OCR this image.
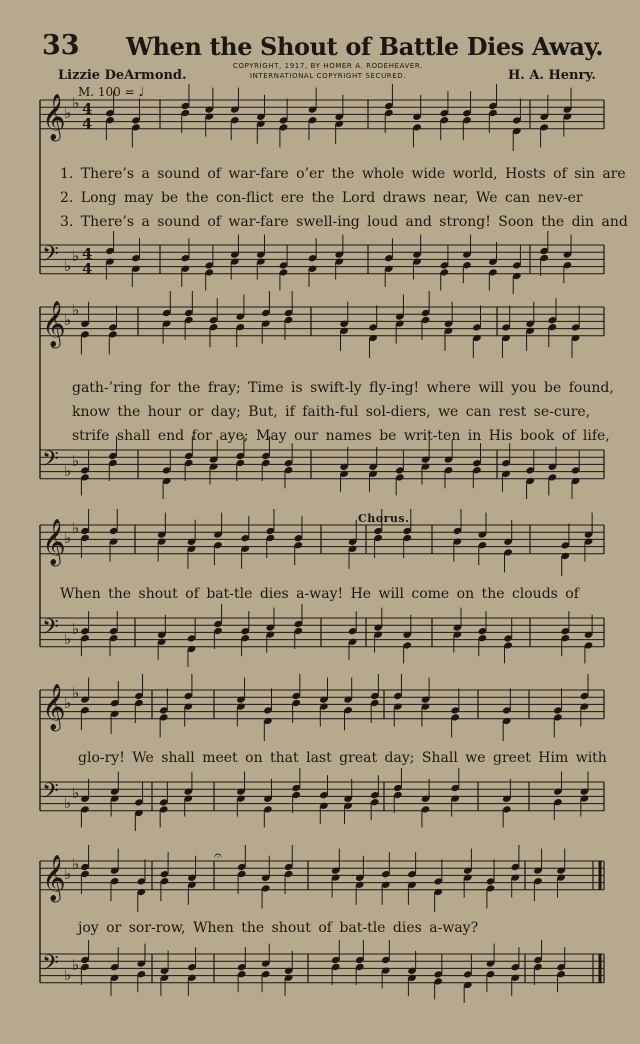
𝄞
♭
♭ 4
4
𝄢 ♭
♭ 4
4
𝄞
♭
♭
𝄢 ♭
♭
𝄞
♭
♭
𝄢 ♭
♭
𝄞
♭
♭
𝄢 ♭
♭
𝄞
♭
♭
𝄢 ♭
♭
𝄐
33 When the Shout of Battle Dies Away.
Lizzie DeArmond.
COPYRIGHT, 1917, BY HOMER A. RODEHEAVER.
INTERNATIONAL COPYRIGHT SECURED.	H. A. Henry.
M. 100 = ♩
1. There’s a sound of war-fare o’er the whole wide world, Hosts of sin are
2. Long may be the con-flict ere the Lord draws near, We can nev-er
3. There’s a sound of war-fare swell-ing loud and strong! Soon the din and
gath-’ring for the fray; Time is swift-ly fly-ing! where will you be found,
know the hour or day; But, if faith-ful sol-diers, we can rest se-cure,
strife shall end for aye; May our names be writ-ten in His book of life,
Chorus.
When the shout of bat-tle dies a-way! He will come on the clouds of
glo-ry! We shall meet on that last great day; Shall we greet Him with
joy or sor-row, When the shout of bat-tle dies a-way?
